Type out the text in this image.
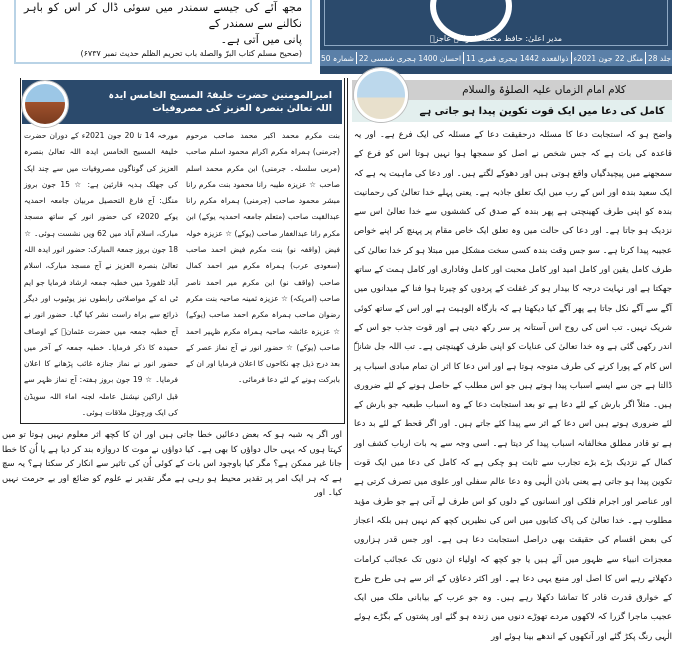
مجھ آئے کی جیسے سمندر میں سوئی ڈال کر اس کو باہر نکالنے سے سمندر کے
پانی میں آتی ہے۔
(صحیح مسلم کتاب البرّ والصلة باب تحریم الظلم حدیث نمبر ۶۷۳۷)
مدیر اعلیٰ: حافظ محمد ظفراللہ عاجزؔ
جلد 28
منگل 22 جون 2021ء
11 ذوالقعدہ 1442 ہجری قمری
22 احسان 1400 ہجری شمسی
شمارہ 50
امیرالمومنین حضرت خلیفۃ المسیح الخامس ایدہ اللہ تعالیٰ بنصرہ العزیز کی مصروفیات
مورخہ 14 تا 20 جون 2021ء کے دوران حضرت خلیفۃ المسیح الخامس ایدہ اللہ تعالیٰ بنصرہ العزیز کی گوناگوں مصروفیات میں سے چند ایک کی جھلک ہدیہ قارئین ہے: ☆ 15 جون بروز منگل: آج فارغ التحصیل مربیان جامعہ احمدیہ یوکے 2020ء کی حضور انور کے ساتھ مسجد مبارک، اسلام آباد میں 62 ویں نشست ہوئی۔ ☆ 18 جون بروز جمعۃ المبارک: حضور انور ایدہ اللہ تعالیٰ بنصرہ العزیز نے آج مسجد مبارک، اسلام آباد ٹلفورڈ میں خطبہ جمعہ ارشاد فرمایا جو ایم ٹی اے کے مواصلاتی رابطوں نیز یوٹیوب اور دیگر ذرائع سے براہ راست نشر کیا گیا۔ حضور انور نے آج خطبہ جمعہ میں حضرت عثمانؓ کے اوصاف حمیدہ کا ذکر فرمایا۔ خطبہ جمعہ کے آخر میں حضور انور نے نماز جنازہ غائب پڑھانے کا اعلان فرمایا۔ ☆ 19 جون بروز ہفتہ: آج نماز ظہر سے قبل اراکین نیشنل عاملہ لجنہ اماء اللہ سویڈن کی ایک ورچوئل ملاقات ہوئی۔
بنت مکرم محمد اکبر محمد صاحب مرحوم (جرمنی) ہمراہ مکرم اکرام محمود اسلم صاحب (مربی سلسلہ۔ جرمنی) ابن مکرم محمد اسلم صاحب ☆ عزیزہ طیبہ رانا محمود بنت مکرم رانا مبشر محمود صاحب (جرمنی) ہمراہ مکرم رانا عبدالقیت صاحب (متعلم جامعہ احمدیہ یوکے) ابن مکرم رانا عبدالغفار صاحب (یوکے) ☆ عزیزہ خولہ فیض (واقفہ نو) بنت مکرم فیض احمد صاحب (سعودی عرب) ہمراہ مکرم میر احمد کمال صاحب (واقف نو) ابن مکرم میر احمد ناصر صاحب (امریکہ) ☆ عزیزہ ثمینہ صاحبہ بنت مکرم رضوان صاحب ہمراہ مکرم احمد صاحب (یوکے) ☆ عزیزہ عائشہ صاحبہ ہمراہ مکرم ظہیر احمد صاحب (یوکے) ☆ حضور انور نے آج نماز عصر کے بعد درج ذیل چھ نکاحوں کا اعلان فرمایا اور ان کے بابرکت ہونے کے لئے دعا فرمائی۔
اور اگر یہ شبہ ہو کہ بعض دعائیں خطا جاتی ہیں اور ان کا کچھ اثر معلوم نہیں ہوتا تو میں کہتا ہوں کہ یہی حال دواؤں کا بھی ہے۔ کیا دواؤں نے موت کا دروازہ بند کر دیا ہے یا اُن کا خطا جانا غیر ممکن ہے؟ مگر کیا باوجود اس بات کے کوئی اُن کی تاثیر سے انکار کر سکتا ہے؟ یہ سچ ہے کہ ہر ایک امر پر تقدیر محیط ہو رہی ہے مگر تقدیر نے علوم کو ضائع اور بے حرمت نہیں کیا۔ اور
کلام امام الزماں علیہ الصلوٰۃ والسلام
کامل کی دعا میں ایک قوت تکوین پیدا ہو جاتی ہے
واضح ہو کہ استجابت دعا کا مسئلہ درحقیقت دعا کے مسئلہ کی ایک فرع ہے۔ اور یہ قاعدہ کی بات ہے کہ جس شخص نے اصل کو سمجھا ہوا نہیں ہوتا اس کو فرع کے سمجھنے میں پیچیدگیاں واقع ہوتی ہیں اور دھوکے لگتے ہیں۔ اور دعا کی ماہیت یہ ہے کہ ایک سعید بندہ اور اس کے رب میں ایک تعلق جاذبہ ہے۔ یعنی پہلے خدا تعالیٰ کی رحمانیت بندہ کو اپنی طرف کھینچتی ہے پھر بندہ کے صدق کی کششوں سے خدا تعالیٰ اس سے نزدیک ہو جاتا ہے۔ اور دعا کی حالت میں وہ تعلق ایک خاص مقام پر پہنچ کر اپنے خواص عجیبہ پیدا کرتا ہے۔ سو جس وقت بندہ کسی سخت مشکل میں مبتلا ہو کر خدا تعالیٰ کی طرف کامل یقین اور کامل امید اور کامل محبت اور کامل وفاداری اور کامل ہمت کے ساتھ جھکتا ہے اور نہایت درجہ کا بیدار ہو کر غفلت کے پردوں کو چیرتا ہوا فنا کے میدانوں میں آگے سے آگے نکل جاتا ہے پھر آگے کیا دیکھتا ہے کہ بارگاہ الوہیت ہے اور اس کے ساتھ کوئی شریک نہیں۔ تب اس کی روح اس آستانہ پر سر رکھ دیتی ہے اور قوت جذب جو اس کے اندر رکھی گئی ہے وہ خدا تعالیٰ کی عنایات کو اپنی طرف کھینچتی ہے۔ تب اللہ جل شانہٗ اس کام کے پورا کرنے کی طرف متوجہ ہوتا ہے اور اس دعا کا اثر ان تمام مبادی اسباب پر ڈالتا ہے جن سے ایسے اسباب پیدا ہوتے ہیں جو اس مطلب کے حاصل ہونے کے لئے ضروری ہیں۔ مثلاً اگر بارش کے لئے دعا ہے تو بعد استجابت دعا کے وہ اسباب طبعیہ جو بارش کے لئے ضروری ہوتے ہیں اس دعا کے اثر سے پیدا کئے جاتے ہیں۔ اور اگر قحط کے لئے بد دعا ہے تو قادر مطلق مخالفانہ اسباب پیدا کر دیتا ہے۔ اسی وجہ سے یہ بات ارباب کشف اور کمال کے نزدیک بڑے بڑے تجارب سے ثابت ہو چکی ہے کہ کامل کی دعا میں ایک قوت تکوین پیدا ہو جاتی ہے یعنی باذن الٰہی وہ دعا عالم سفلی اور علوی میں تصرف کرتی ہے اور عناصر اور اجرام فلکی اور انسانوں کے دلوں کو اس طرف لے آتی ہے جو طرف مؤید مطلوب ہے۔ خدا تعالیٰ کی پاک کتابوں میں اس کی نظیریں کچھ کم نہیں ہیں بلکہ اعجاز کی بعض اقسام کی حقیقت بھی دراصل استجابت دعا ہی ہے۔ اور جس قدر ہزاروں معجزات انبیاء سے ظہور میں آئے ہیں یا جو کچھ کہ اولیاء ان دنوں تک عجائب کرامات دکھلاتے رہے اس کا اصل اور منبع یہی دعا ہے۔ اور اکثر دعاؤں کے اثر سے ہی طرح طرح کے خوارق قدرت قادر کا تماشا دکھلا رہے ہیں۔ وہ جو عرب کے بیابانی ملک میں ایک عجیب ماجرا گزرا کہ لاکھوں مردے تھوڑے دنوں میں زندہ ہو گئے اور پشتوں کے بگڑے ہوئے الٰہی رنگ پکڑ گئے اور آنکھوں کے اندھے بینا ہوئے اور
